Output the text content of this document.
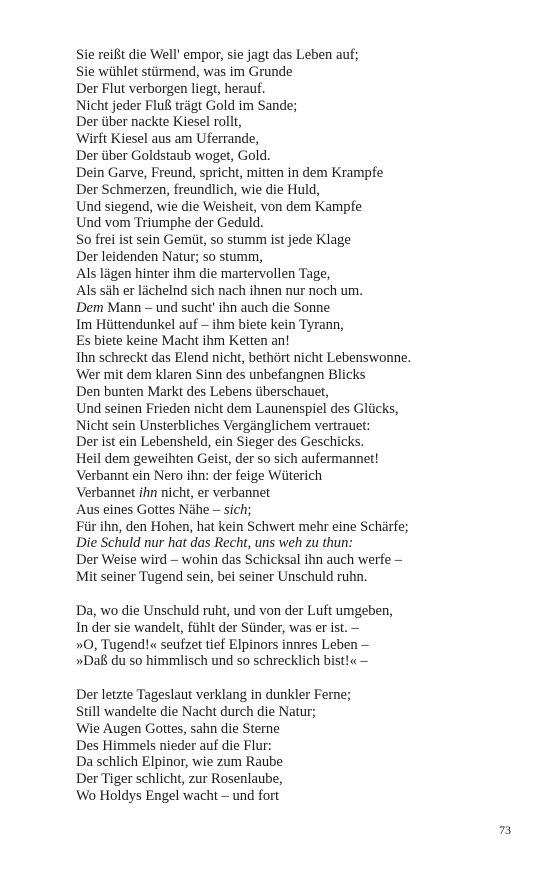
Sie reißt die Well' empor, sie jagt das Leben auf;
Sie wühlet stürmend, was im Grunde
Der Flut verborgen liegt, herauf.
Nicht jeder Fluß trägt Gold im Sande;
Der über nackte Kiesel rollt,
Wirft Kiesel aus am Uferrande,
Der über Goldstaub woget, Gold.
Dein Garve, Freund, spricht, mitten in dem Krampfe
Der Schmerzen, freundlich, wie die Huld,
Und siegend, wie die Weisheit, von dem Kampfe
Und vom Triumphe der Geduld.
So frei ist sein Gemüt, so stumm ist jede Klage
Der leidenden Natur; so stumm,
Als lägen hinter ihm die martervollen Tage,
Als säh er lächelnd sich nach ihnen nur noch um.
Dem Mann – und sucht' ihn auch die Sonne
Im Hüttendunkel auf – ihm biete kein Tyrann,
Es biete keine Macht ihm Ketten an!
Ihn schreckt das Elend nicht, bethört nicht Lebenswonne.
Wer mit dem klaren Sinn des unbefangnen Blicks
Den bunten Markt des Lebens überschauet,
Und seinen Frieden nicht dem Launenspiel des Glücks,
Nicht sein Unsterbliches Vergänglichem vertrauet:
Der ist ein Lebensheld, ein Sieger des Geschicks.
Heil dem geweihten Geist, der so sich aufermannet!
Verbannt ein Nero ihn: der feige Wüterich
Verbannet ihn nicht, er verbannet
Aus eines Gottes Nähe – sich;
Für ihn, den Hohen, hat kein Schwert mehr eine Schärfe;
Die Schuld nur hat das Recht, uns weh zu thun:
Der Weise wird – wohin das Schicksal ihn auch werfe –
Mit seiner Tugend sein, bei seiner Unschuld ruhn.
Da, wo die Unschuld ruht, und von der Luft umgeben,
In der sie wandelt, fühlt der Sünder, was er ist. –
»O, Tugend!« seufzet tief Elpinors innres Leben –
»Daß du so himmlisch und so schrecklich bist!« –
Der letzte Tageslaut verklang in dunkler Ferne;
Still wandelte die Nacht durch die Natur;
Wie Augen Gottes, sahn die Sterne
Des Himmels nieder auf die Flur:
Da schlich Elpinor, wie zum Raube
Der Tiger schlicht, zur Rosenlaube,
Wo Holdys Engel wacht – und fort
73
